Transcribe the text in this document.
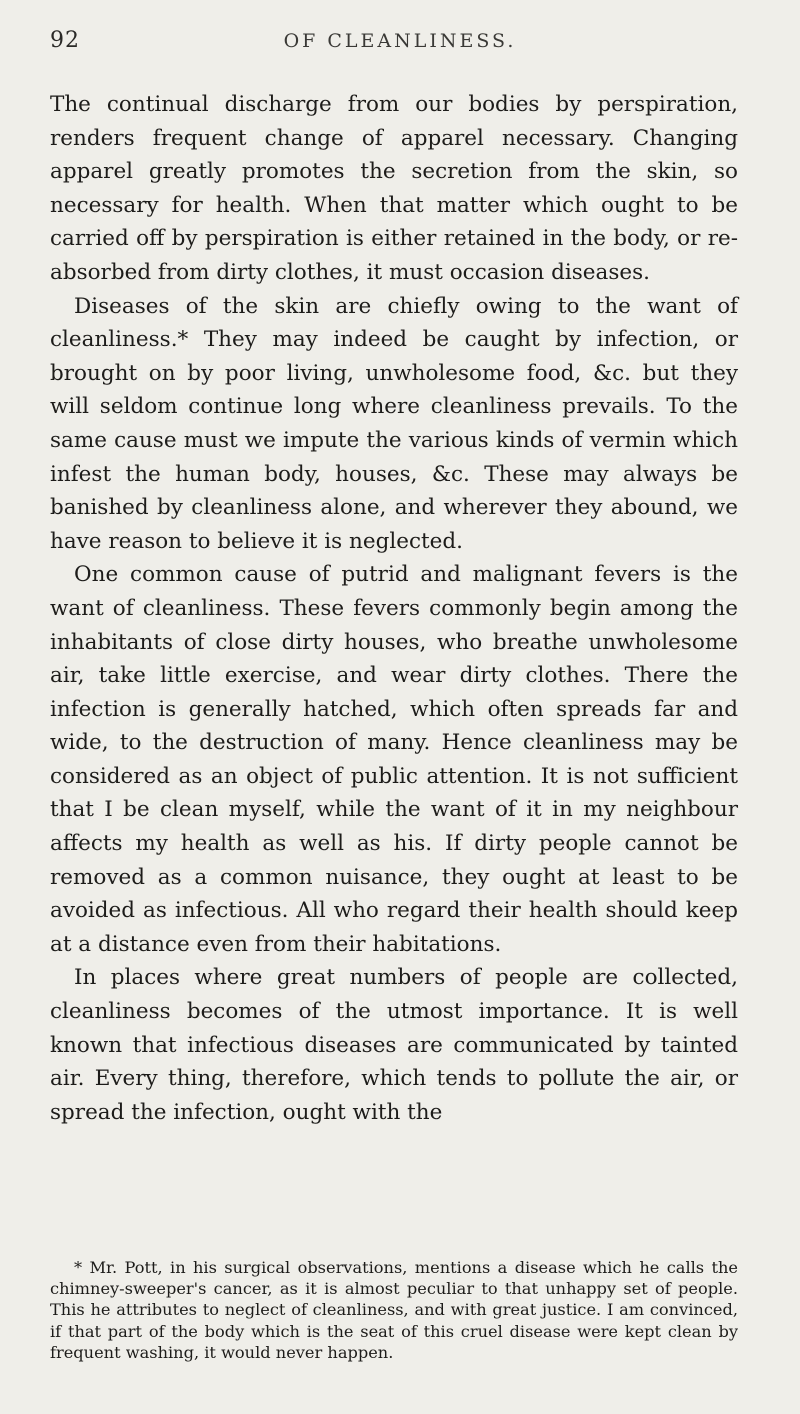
92	OF CLEANLINESS.

The continual discharge from our bodies by perspiration, renders frequent change of apparel necessary. Changing apparel greatly promotes the secretion from the skin, so necessary for health. When that matter which ought to be carried off by perspiration is either retained in the body, or re-absorbed from dirty clothes, it must occasion diseases.

Diseases of the skin are chiefly owing to the want of cleanliness.* They may indeed be caught by infection, or brought on by poor living, unwholesome food, &c. but they will seldom continue long where cleanliness prevails. To the same cause must we impute the various kinds of vermin which infest the human body, houses, &c. These may always be banished by cleanliness alone, and wherever they abound, we have reason to believe it is neglected.

One common cause of putrid and malignant fevers is the want of cleanliness. These fevers commonly begin among the inhabitants of close dirty houses, who breathe unwholesome air, take little exercise, and wear dirty clothes. There the infection is generally hatched, which often spreads far and wide, to the destruction of many. Hence cleanliness may be considered as an object of public attention. It is not sufficient that I be clean myself, while the want of it in my neighbour affects my health as well as his. If dirty people cannot be removed as a common nuisance, they ought at least to be avoided as infectious. All who regard their health should keep at a distance even from their habitations.

In places where great numbers of people are collected, cleanliness becomes of the utmost importance. It is well known that infectious diseases are communicated by tainted air. Every thing, therefore, which tends to pollute the air, or spread the infection, ought with the

* Mr. Pott, in his surgical observations, mentions a disease which he calls the chimney-sweeper's cancer, as it is almost peculiar to that unhappy set of people. This he attributes to neglect of cleanliness, and with great justice. I am convinced, if that part of the body which is the seat of this cruel disease were kept clean by frequent washing, it would never happen.
